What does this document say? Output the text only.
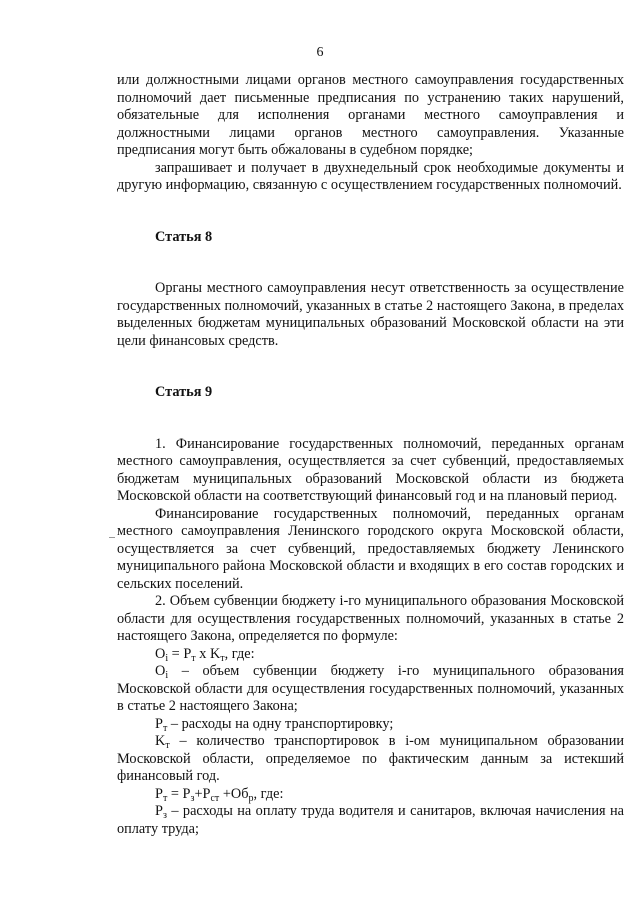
6

или должностными лицами органов местного самоуправления государственных полномочий дает письменные предписания по устранению таких нарушений, обязательные для исполнения органами местного самоуправления и должностными лицами органов местного самоуправления. Указанные предписания могут быть обжалованы в судебном порядке;

запрашивает и получает в двухнедельный срок необходимые документы и другую информацию, связанную с осуществлением государственных полномочий.

Статья 8

Органы местного самоуправления несут ответственность за осуществление государственных полномочий, указанных в статье 2 настоящего Закона, в пределах выделенных бюджетам муниципальных образований Московской области на эти цели финансовых средств.

Статья 9

1. Финансирование государственных полномочий, переданных органам местного самоуправления, осуществляется за счет субвенций, предоставляемых бюджетам муниципальных образований Московской области из бюджета Московской области на соответствующий финансовый год и на плановый период.

Финансирование государственных полномочий, переданных органам местного самоуправления Ленинского городского округа Московской области, осуществляется за счет субвенций, предоставляемых бюджету Ленинского муниципального района Московской области и входящих в его состав городских и сельских поселений.

2. Объем субвенции бюджету i-го муниципального образования Московской области для осуществления государственных полномочий, указанных в статье 2 настоящего Закона, определяется по формуле:

$O_i = P_т$ x $K_т$, где:

$O_i$ – объем субвенции бюджету i-го муниципального образования Московской области для осуществления государственных полномочий, указанных в статье 2 настоящего Закона;

$P_т$ – расходы на одну транспортировку;

$K_т$ – количество транспортировок в i-ом муниципальном образовании Московской области, определяемое по фактическим данным за истекший финансовый год.

$P_т = P_з+P_{ст} +Об_р$, где:

$P_з$ – расходы на оплату труда водителя и санитаров, включая начисления на оплату труда;
